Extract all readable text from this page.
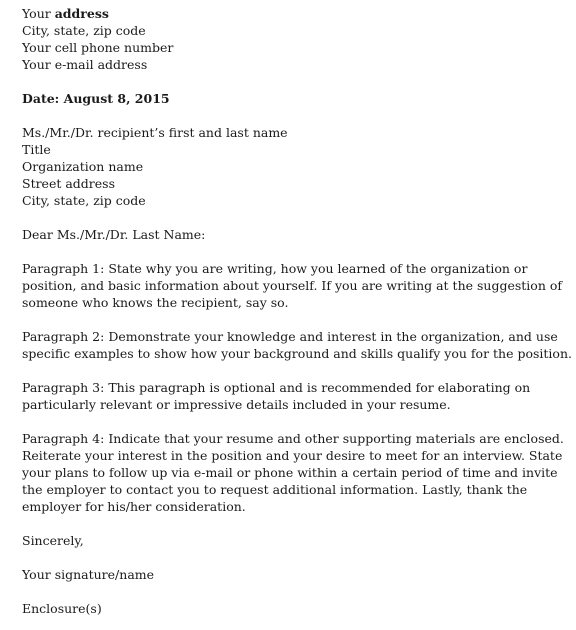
Your address
City, state, zip code
Your cell phone number
Your e-mail address
Date: August 8, 2015
Ms./Mr./Dr. recipient’s first and last name
Title
Organization name
Street address
City, state, zip code
Dear Ms./Mr./Dr. Last Name:
Paragraph 1: State why you are writing, how you learned of the organization or
position, and basic information about yourself. If you are writing at the suggestion of
someone who knows the recipient, say so.
Paragraph 2: Demonstrate your knowledge and interest in the organization, and use
specific examples to show how your background and skills qualify you for the position.
Paragraph 3: This paragraph is optional and is recommended for elaborating on
particularly relevant or impressive details included in your resume.
Paragraph 4: Indicate that your resume and other supporting materials are enclosed.
Reiterate your interest in the position and your desire to meet for an interview. State
your plans to follow up via e-mail or phone within a certain period of time and invite
the employer to contact you to request additional information. Lastly, thank the
employer for his/her consideration.
Sincerely,
Your signature/name
Enclosure(s)
